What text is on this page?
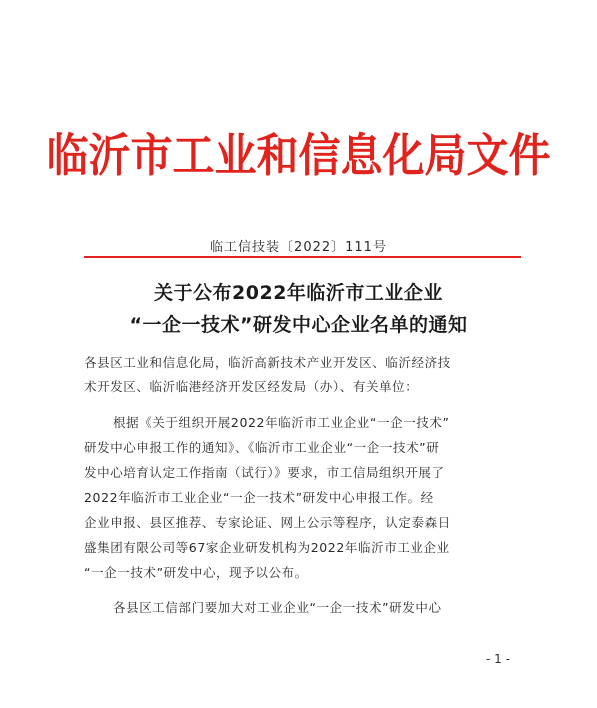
临沂市工业和信息化局文件
临工信技装〔2022〕111号
关于公布2022年临沂市工业企业
“一企一技术”研发中心企业名单的通知
各县区工业和信息化局，临沂高新技术产业开发区、临沂经济技
术开发区、临沂临港经济开发区经发局（办）、有关单位：
根据《关于组织开展2022年临沂市工业企业“一企一技术”
研发中心申报工作的通知》、《临沂市工业企业“一企一技术”研
发中心培育认定工作指南（试行）》要求，市工信局组织开展了
2022年临沂市工业企业“一企一技术”研发中心申报工作。经
企业申报、县区推荐、专家论证、网上公示等程序，认定泰森日
盛集团有限公司等67家企业研发机构为2022年临沂市工业企业
“一企一技术”研发中心，现予以公布。
各县区工信部门要加大对工业企业“一企一技术”研发中心
- 1 -
